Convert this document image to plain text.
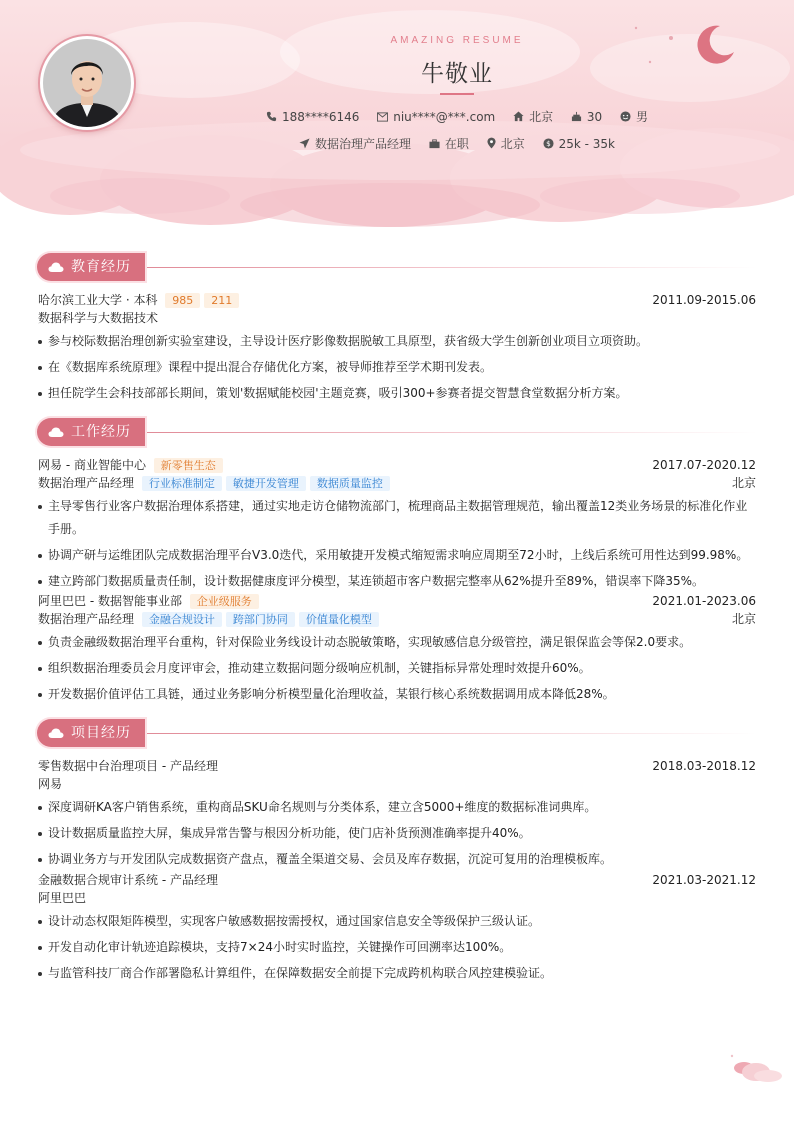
AMAZING RESUME
牛敬业
188****6146	niu****@***.com	北京	30	男
数据治理产品经理	在职	北京	$ 25k - 35k
教育经历
哈尔滨工业大学 · 本科 985 211	2011.09-2015.06
数据科学与大数据技术
参与校际数据治理创新实验室建设，主导设计医疗影像数据脱敏工具原型，获省级大学生创新创业项目立项资助。
在《数据库系统原理》课程中提出混合存储优化方案，被导师推荐至学术期刊发表。
担任院学生会科技部部长期间，策划'数据赋能校园'主题竞赛，吸引300+参赛者提交智慧食堂数据分析方案。
工作经历
网易 - 商业智能中心 新零售生态	2017.07-2020.12
数据治理产品经理 行业标准制定 敏捷开发管理 数据质量监控	北京
主导零售行业客户数据治理体系搭建，通过实地走访仓储物流部门，梳理商品主数据管理规范，输出覆盖12类业务场景的标准化作业手册。
协调产研与运维团队完成数据治理平台V3.0迭代，采用敏捷开发模式缩短需求响应周期至72小时，上线后系统可用性达到99.98%。
建立跨部门数据质量责任制，设计数据健康度评分模型，某连锁超市客户数据完整率从62%提升至89%，错误率下降35%。
阿里巴巴 - 数据智能事业部 企业级服务	2021.01-2023.06
数据治理产品经理 金融合规设计 跨部门协同 价值量化模型	北京
负责金融级数据治理平台重构，针对保险业务线设计动态脱敏策略，实现敏感信息分级管控，满足银保监会等保2.0要求。
组织数据治理委员会月度评审会，推动建立数据问题分级响应机制，关键指标异常处理时效提升60%。
开发数据价值评估工具链，通过业务影响分析模型量化治理收益，某银行核心系统数据调用成本降低28%。
项目经历
零售数据中台治理项目 - 产品经理	2018.03-2018.12
网易
深度调研KA客户销售系统，重构商品SKU命名规则与分类体系，建立含5000+维度的数据标准词典库。
设计数据质量监控大屏，集成异常告警与根因分析功能，使门店补货预测准确率提升40%。
协调业务方与开发团队完成数据资产盘点，覆盖全渠道交易、会员及库存数据，沉淀可复用的治理模板库。
金融数据合规审计系统 - 产品经理	2021.03-2021.12
阿里巴巴
设计动态权限矩阵模型，实现客户敏感数据按需授权，通过国家信息安全等级保护三级认证。
开发自动化审计轨迹追踪模块，支持7×24小时实时监控，关键操作可回溯率达100%。
与监管科技厂商合作部署隐私计算组件，在保障数据安全前提下完成跨机构联合风控建模验证。
